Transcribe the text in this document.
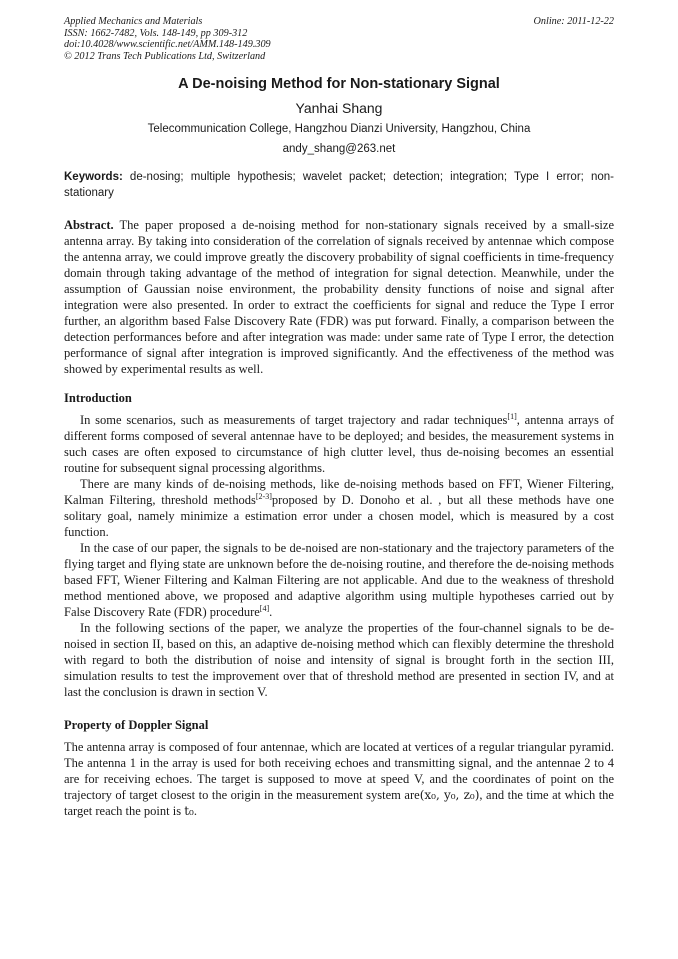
Applied Mechanics and Materials
ISSN: 1662-7482, Vols. 148-149, pp 309-312
doi:10.4028/www.scientific.net/AMM.148-149.309
© 2012 Trans Tech Publications Ltd, Switzerland
Online: 2011-12-22
A De-noising Method for Non-stationary Signal
Yanhai Shang
Telecommunication College, Hangzhou Dianzi University, Hangzhou, China
andy_shang@263.net

Keywords: de-nosing; multiple hypothesis; wavelet packet; detection; integration; Type I error; non-stationary

Abstract. The paper proposed a de-noising method for non-stationary signals received by a small-size antenna array. By taking into consideration of the correlation of signals received by antennae which compose the antenna array, we could improve greatly the discovery probability of signal coefficients in time-frequency domain through taking advantage of the method of integration for signal detection. Meanwhile, under the assumption of Gaussian noise environment, the probability density functions of noise and signal after integration were also presented. In order to extract the coefficients for signal and reduce the Type I error further, an algorithm based False Discovery Rate (FDR) was put forward. Finally, a comparison between the detection performances before and after integration was made: under same rate of Type I error, the detection performance of signal after integration is improved significantly. And the effectiveness of the method was showed by experimental results as well.

Introduction

In some scenarios, such as measurements of target trajectory and radar techniques[1], antenna arrays of different forms composed of several antennae have to be deployed; and besides, the measurement systems in such cases are often exposed to circumstance of high clutter level, thus de-noising becomes an essential routine for subsequent signal processing algorithms.

There are many kinds of de-noising methods, like de-noising methods based on FFT, Wiener Filtering, Kalman Filtering, threshold methods[2-3]proposed by D. Donoho et al. , but all these methods have one solitary goal, namely minimize a estimation error under a chosen model, which is measured by a cost function.

In the case of our paper, the signals to be de-noised are non-stationary and the trajectory parameters of the flying target and flying state are unknown before the de-noising routine, and therefore the de-noising methods based FFT, Wiener Filtering and Kalman Filtering are not applicable. And due to the weakness of threshold method mentioned above, we proposed and adaptive algorithm using multiple hypotheses carried out by False Discovery Rate (FDR) procedure[4].

In the following sections of the paper, we analyze the properties of the four-channel signals to be de-noised in section II, based on this, an adaptive de-noising method which can flexibly determine the threshold with regard to both the distribution of noise and intensity of signal is brought forth in the section III, simulation results to test the improvement over that of threshold method are presented in section IV, and at last the conclusion is drawn in section V.

Property of Doppler Signal

The antenna array is composed of four antennae, which are located at vertices of a regular triangular pyramid. The antenna 1 in the array is used for both receiving echoes and transmitting signal, and the antennae 2 to 4 are for receiving echoes. The target is supposed to move at speed V, and the coordinates of point on the trajectory of target closest to the origin in the measurement system are(x₀, y₀, z₀), and the time at which the target reach the point is t₀.
